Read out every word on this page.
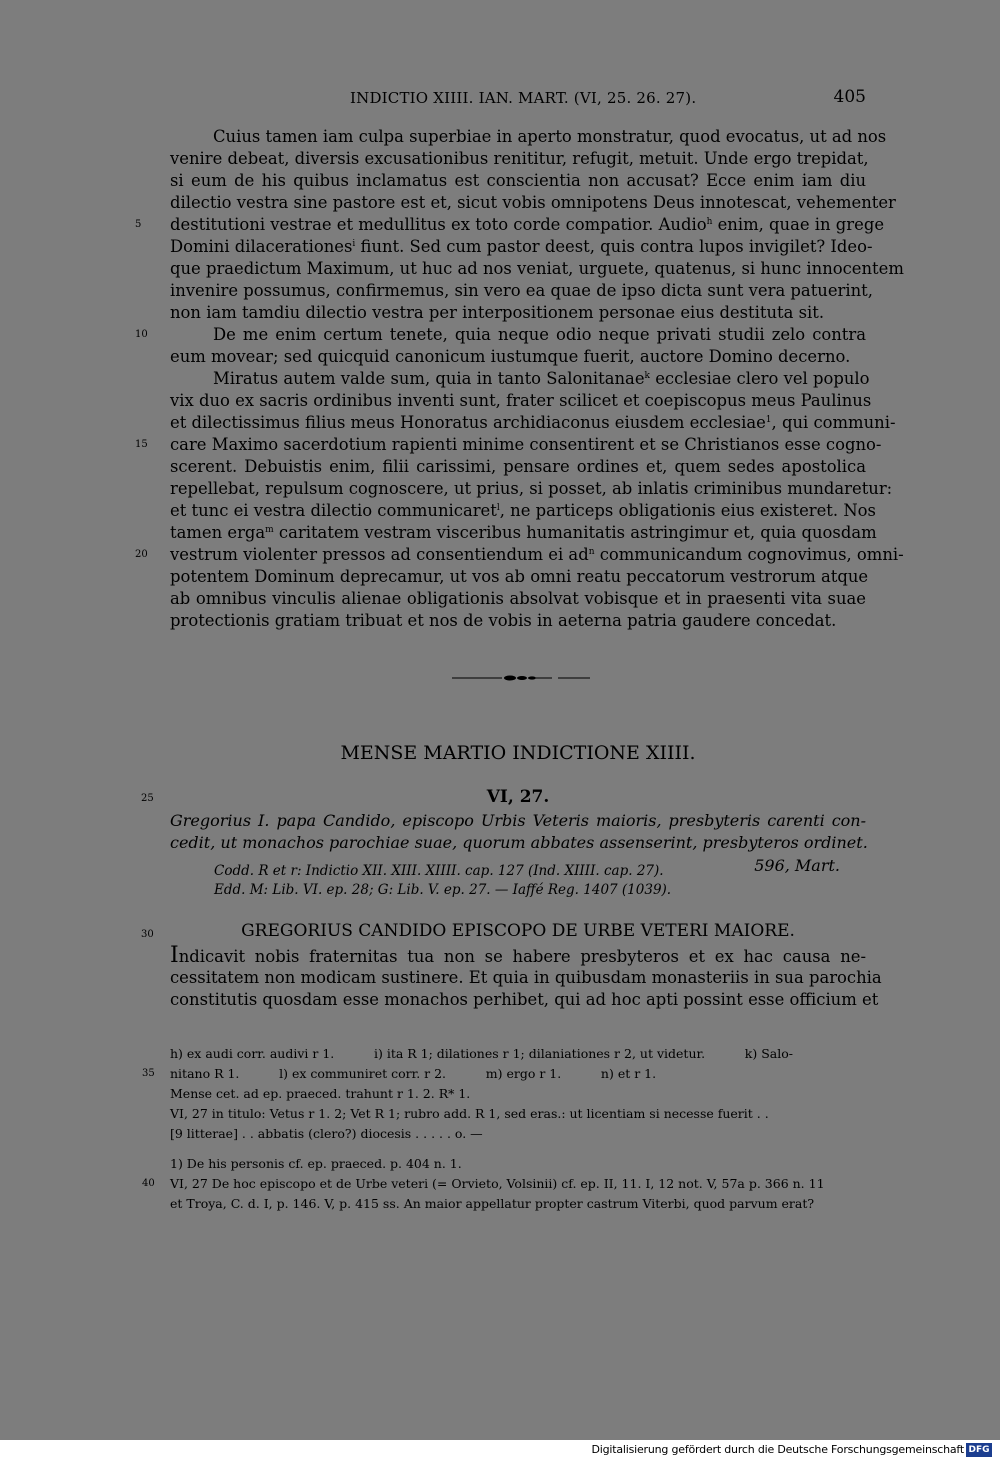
INDICTIO XIIII. IAN. MART. (VI, 25. 26. 27).	405
Cuius tamen iam culpa superbiae in aperto monstratur, quod evocatus, ut ad nos
venire debeat, diversis excusationibus renititur, refugit, metuit. Unde ergo trepidat,
si eum de his quibus inclamatus est conscientia non accusat? Ecce enim iam diu
dilectio vestra sine pastore est et, sicut vobis omnipotens Deus innotescat, vehementer
5 destitutioni vestrae et medullitus ex toto corde compatior. Audio$^h$ enim, quae in grege
Domini dilacerationes$^i$ fiunt. Sed cum pastor deest, quis contra lupos invigilet? Ideo-
que praedictum Maximum, ut huc ad nos veniat, urguete, quatenus, si hunc innocentem
invenire possumus, confirmemus, sin vero ea quae de ipso dicta sunt vera patuerint,
non iam tamdiu dilectio vestra per interpositionem personae eius destituta sit.
10	De me enim certum tenete, quia neque odio neque privati studii zelo contra
eum movear; sed quicquid canonicum iustumque fuerit, auctore Domino decerno.
Miratus autem valde sum, quia in tanto Salonitanae$^k$ ecclesiae clero vel populo
vix duo ex sacris ordinibus inventi sunt, frater scilicet et coepiscopus meus Paulinus
et dilectissimus filius meus Honoratus archidiaconus eiusdem ecclesiae$^1$, qui communi-
15 care Maximo sacerdotium rapienti minime consentirent et se Christianos esse cogno-
scerent. Debuistis enim, filii carissimi, pensare ordines et, quem sedes apostolica
repellebat, repulsum cognoscere, ut prius, si posset, ab inlatis criminibus mundaretur:
et tunc ei vestra dilectio communicaret$^l$, ne particeps obligationis eius existeret. Nos
tamen erga$^m$ caritatem vestram visceribus humanitatis astringimur et, quia quosdam
20 vestrum violenter pressos ad consentiendum ei $ad^n$ communicandum cognovimus, omni-
potentem Dominum deprecamur, ut vos ab omni reatu peccatorum vestrorum atque
ab omnibus vinculis alienae obligationis absolvat vobisque et in praesenti vita suae
protectionis gratiam tribuat et nos de vobis in aeterna patria gaudere concedat.
MENSE MARTIO INDICTIONE XIIII.
25	VI, 27.
Gregorius I. papa Candido, episcopo Urbis Veteris maioris, presbyteris carenti con-
cedit, ut monachos parochiae suae, quorum abbates assenserint, presbyteros ordinet.
Codd. R et r: Indictio XII. XIII. XIIII. cap. 127 (Ind. XIIII. cap. 27).
Edd. M: Lib. VI. ep. 28; G: Lib. V. ep. 27. — Iaffé Reg. 1407 (1039).
596, Mart.
30	GREGORIUS CANDIDO EPISCOPO DE URBE VETERI MAIORE.
Indicavit nobis fraternitas tua non se habere presbyteros et ex hac causa ne-
cessitatem non modicam sustinere. Et quia in quibusdam monasteriis in sua parochia
constitutis quosdam esse monachos perhibet, qui ad hoc apti possint esse officium et
h) ex audi corr. audivi r 1.          i) ita R 1; dilationes r 1; dilaniationes r 2, ut videtur.          k) Salo-
35 nitano R 1.          l) ex communiret corr. r 2.          m) ergo r 1.          n) et r 1.
Mense cet. ad ep. praeced. trahunt r 1. 2. R* 1.
VI, 27 in titulo: Vetus r 1. 2; Vet R 1; rubro add. R 1, sed eras.: ut licentiam si necesse fuerit . .
[9 litterae] . . abbatis (clero?) diocesis . . . . . o. —
1) De his personis cf. ep. praeced. p. 404 n. 1.
40 VI, 27 De hoc episcopo et de Urbe veteri (= Orvieto, Volsinii) cf. ep. II, 11. I, 12 not. V, 57a p. 366 n. 11
et Troya, C. d. I, p. 146. V, p. 415 ss. An maior appellatur propter castrum Viterbi, quod parvum erat?
Digitalisierung gefördert durch die Deutsche Forschungsgemeinschaft DFG
